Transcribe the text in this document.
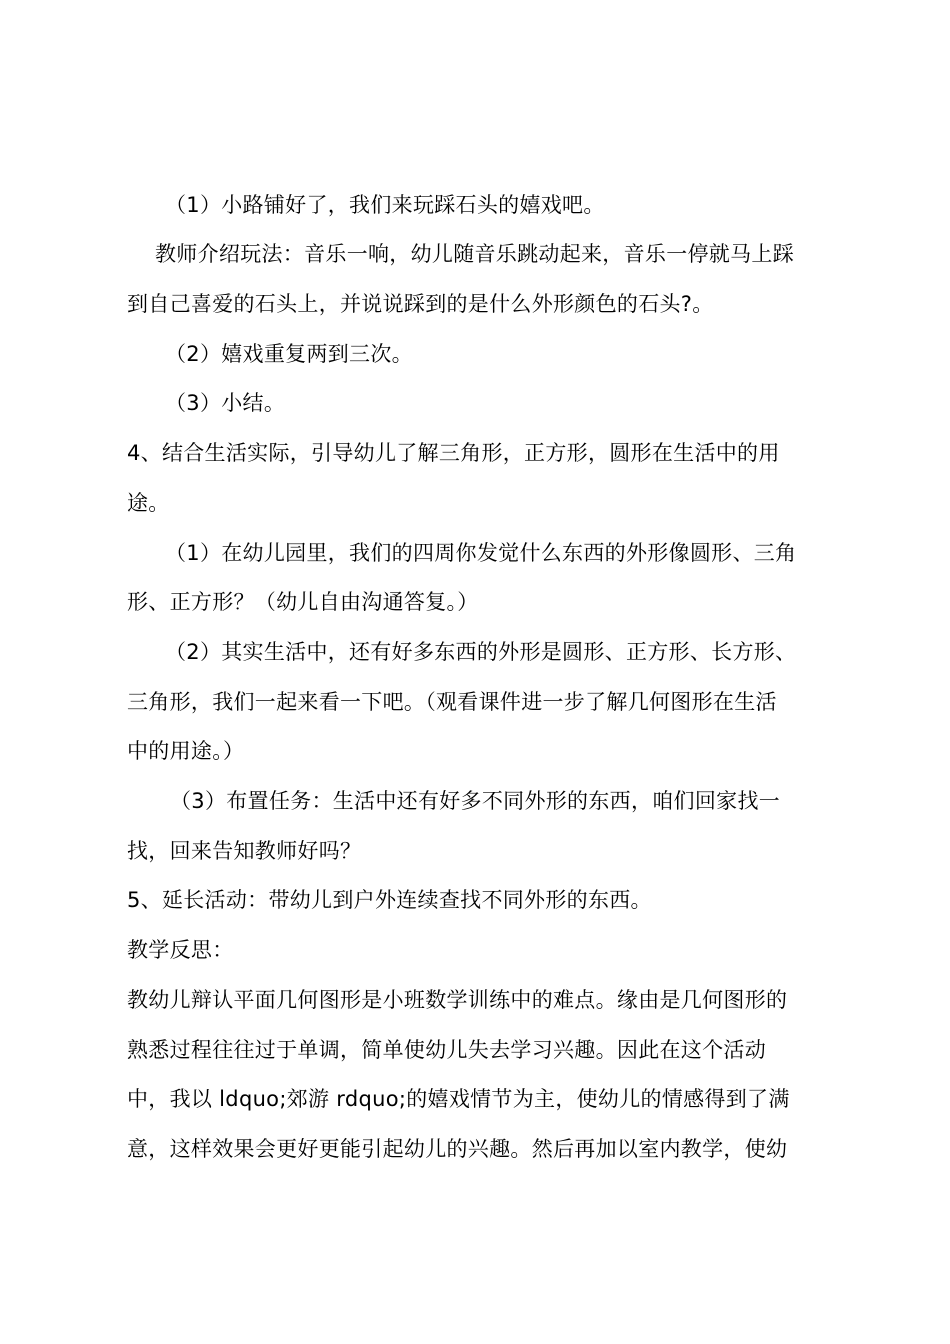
（1）小路铺好了，我们来玩踩石头的嬉戏吧。
教师介绍玩法：音乐一响，幼儿随音乐跳动起来，音乐一停就马上踩
到自己喜爱的石头上，并说说踩到的是什么外形颜色的石头?。
（2）嬉戏重复两到三次。
（3）小结。
4、结合生活实际，引导幼儿了解三角形，正方形，圆形在生活中的用
途。
（1）在幼儿园里，我们的四周你发觉什么东西的外形像圆形、三角
形、正方形？（幼儿自由沟通答复。）
（2）其实生活中，还有好多东西的外形是圆形、正方形、长方形、
三角形，我们一起来看一下吧。（观看课件进一步了解几何图形在生活
中的用途。）
（3）布置任务：生活中还有好多不同外形的东西，咱们回家找一
找，回来告知教师好吗？
5、延长活动：带幼儿到户外连续查找不同外形的东西。
教学反思：
教幼儿辩认平面几何图形是小班数学训练中的难点。缘由是几何图形的
熟悉过程往往过于单调，简单使幼儿失去学习兴趣。因此在这个活动
中，我以 ldquo;郊游 rdquo;的嬉戏情节为主，使幼儿的情感得到了满
意，这样效果会更好更能引起幼儿的兴趣。然后再加以室内教学，使幼
